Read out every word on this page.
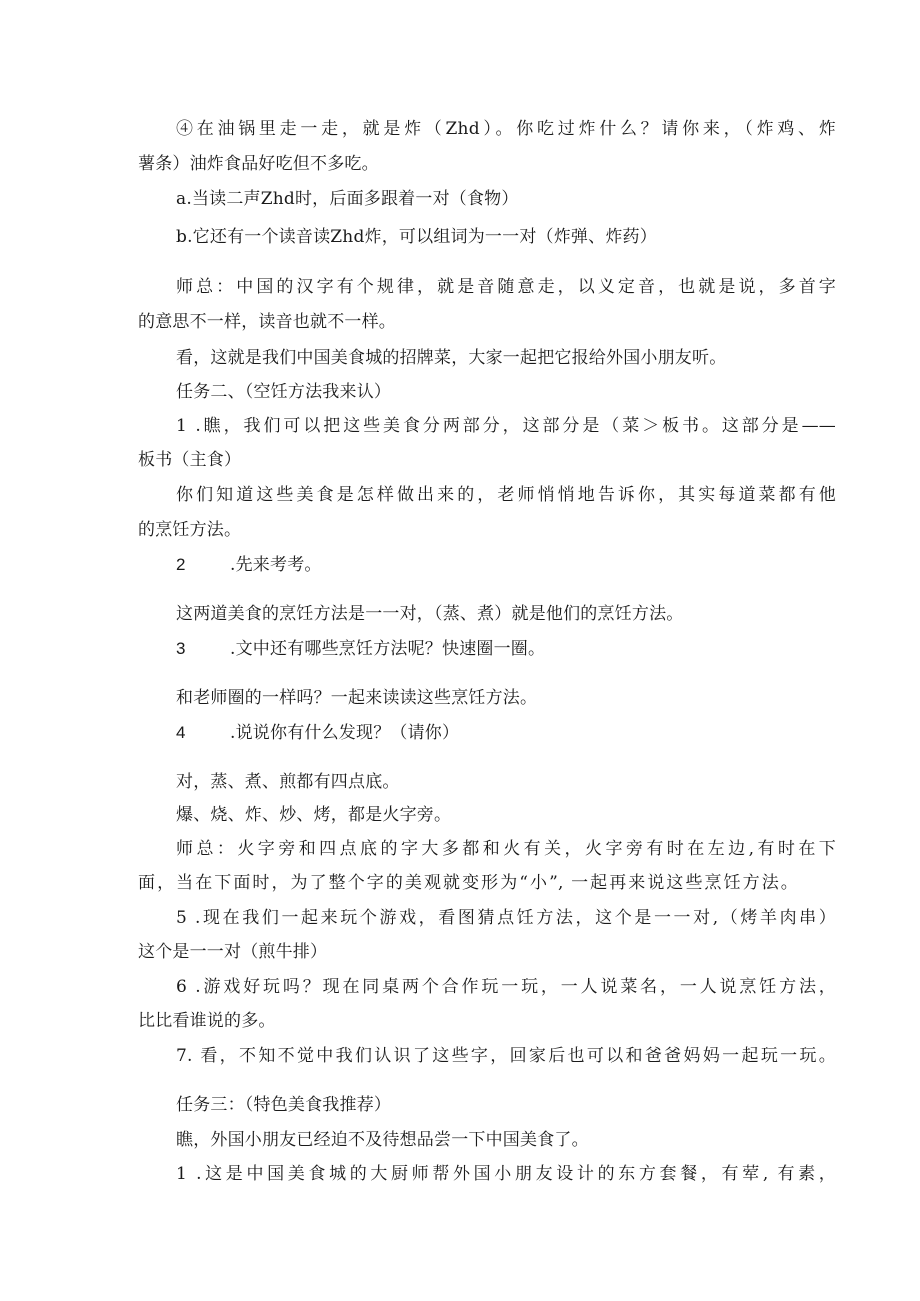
④在油锅里走一走，就是炸（Zhd）。你吃过炸什么？请你来，（炸鸡、炸
薯条）油炸食品好吃但不多吃。
a.当读二声Zhd时，后面多跟着一对（食物）
b.它还有一个读音读Zhd炸，可以组词为一一对（炸弹、炸药）
师总：中国的汉字有个规律，就是音随意走，以义定音，也就是说，多首字
的意思不一样，读音也就不一样。
看，这就是我们中国美食城的招牌菜，大家一起把它报给外国小朋友听。
任务二、（空饪方法我来认）
1 .瞧，我们可以把这些美食分两部分，这部分是（菜＞板书。这部分是——
板书（主食）
你们知道这些美食是怎样做出来的，老师悄悄地告诉你，其实每道菜都有他
的烹饪方法。
2	.先来考考。
这两道美食的烹饪方法是一一对，（蒸、煮）就是他们的烹饪方法。
3	.文中还有哪些烹饪方法呢？快速圈一圈。
和老师圈的一样吗？一起来读读这些烹饪方法。
4	.说说你有什么发现？（请你）
对，蒸、煮、煎都有四点底。
爆、烧、炸、炒、烤，都是火字旁。
师总：火字旁和四点底的字大多都和火有关，火字旁有时在左边,有时在下
面，当在下面时，为了整个字的美观就变形为“小”, 一起再来说这些烹饪方法。
5 .现在我们一起来玩个游戏，看图猜点饪方法，这个是一一对,（烤羊肉串）
这个是一一对（煎牛排）
6 .游戏好玩吗？现在同桌两个合作玩一玩，一人说菜名，一人说烹饪方法，
比比看谁说的多。
7. 看，不知不觉中我们认识了这些字，回家后也可以和爸爸妈妈一起玩一玩。
任务三：（特色美食我推荐）
瞧，外国小朋友已经迫不及待想品尝一下中国美食了。
1 .这是中国美食城的大厨师帮外国小朋友设计的东方套餐，有荤, 有素，
